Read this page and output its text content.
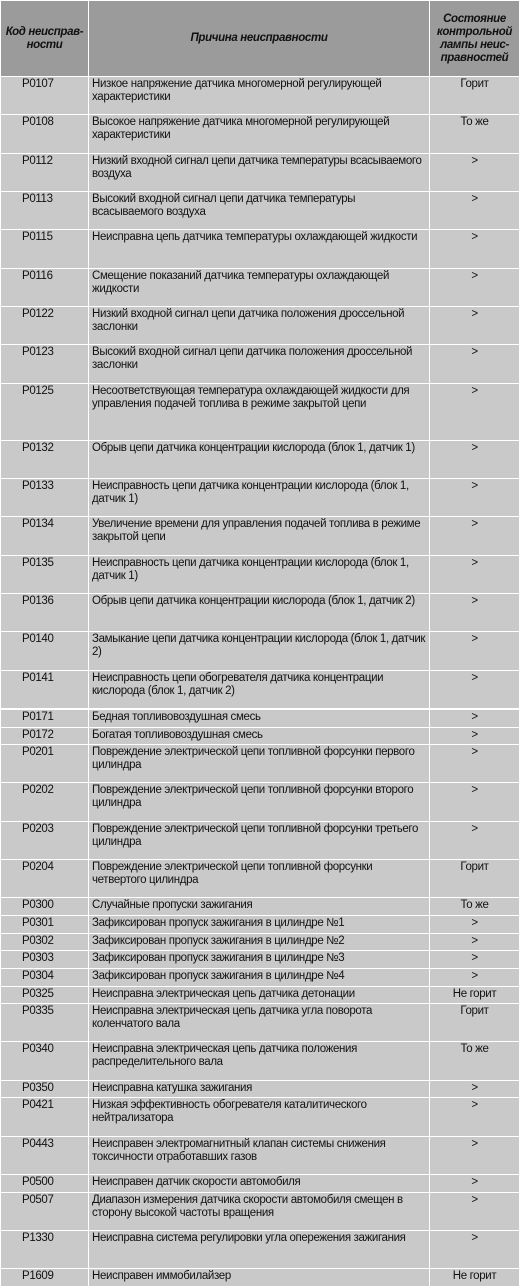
Код неисправ-ности	Причина неисправности	Состояние контрольной лампы неис-правностей
P0107	Низкое напряжение датчика многомерной регулирующей характеристики	Горит
P0108	Высокое напряжение датчика многомерной регулирующей характеристики	То же
P0112	Низкий входной сигнал цепи датчика температуры всасываемого воздуха	>
P0113	Высокий входной сигнал цепи датчика температуры всасываемого воздуха	>
P0115	Неисправна цепь датчика температуры охлаждающей жидкости	>
P0116	Смещение показаний датчика температуры охлаждающей жидкости	>
P0122	Низкий входной сигнал цепи датчика положения дроссельной заслонки	>
P0123	Высокий входной сигнал цепи датчика положения дроссельной заслонки	>
P0125	Несоответствующая температура охлаждающей жидкости для управления подачей топлива в режиме закрытой цепи	>
P0132	Обрыв цепи датчика концентрации кислорода (блок 1, датчик 1)	>
P0133	Неисправность цепи датчика концентрации кислорода (блок 1, датчик 1)	>
P0134	Увеличение времени для управления подачей топлива в режиме закрытой цепи	>
P0135	Неисправность цепи датчика концентрации кислорода (блок 1, датчик 1)	>
P0136	Обрыв цепи датчика концентрации кислорода (блок 1, датчик 2)	>
P0140	Замыкание цепи датчика концентрации кислорода (блок 1, датчик 2)	>
P0141	Неисправность цепи обогревателя датчика концентрации кислорода (блок 1, датчик 2)	>
P0171	Бедная топливовоздушная смесь	>
P0172	Богатая топливовоздушная смесь	>
P0201	Повреждение электрической цепи топливной форсунки первого цилиндра	>
P0202	Повреждение электрической цепи топливной форсунки второго цилиндра	>
P0203	Повреждение электрической цепи топливной форсунки третьего цилиндра	>
P0204	Повреждение электрической цепи топливной форсунки четвертого цилиндра	Горит
P0300	Случайные пропуски зажигания	То же
P0301	Зафиксирован пропуск зажигания в цилиндре №1	>
P0302	Зафиксирован пропуск зажигания в цилиндре №2	>
P0303	Зафиксирован пропуск зажигания в цилиндре №3	>
P0304	Зафиксирован пропуск зажигания в цилиндре №4	>
P0325	Неисправна электрическая цепь датчика детонации	Не горит
P0335	Неисправна электрическая цепь датчика угла поворота коленчатого вала	Горит
P0340	Неисправна электрическая цепь датчика положения распределительного вала	То же
P0350	Неисправна катушка зажигания	>
P0421	Низкая эффективность обогревателя каталитического нейтрализатора	>
P0443	Неисправен электромагнитный клапан системы снижения токсичности отработавших газов	>
P0500	Неисправен датчик скорости автомобиля	>
P0507	Диапазон измерения датчика скорости автомобиля смещен в сторону высокой частоты вращения	>
P1330	Неисправна система регулировки угла опережения зажигания	>
P1609	Неисправен иммобилайзер	Не горит
